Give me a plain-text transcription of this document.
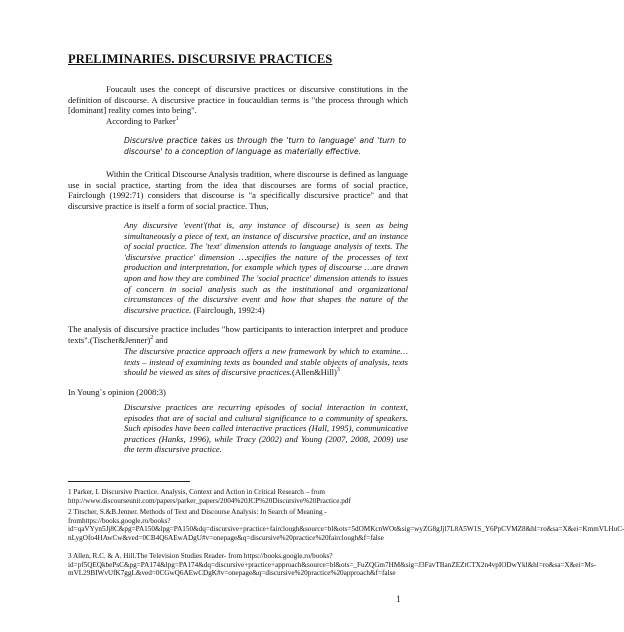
PRELIMINARIES. DISCURSIVE PRACTICES
Foucault uses the concept of discursive practices or discursive constitutions in the definition of discourse. A discursive practice in foucauldian terms is "the process through which [dominant] reality comes into being".
According to Parker$^1$
Discursive practice takes us through the 'turn to language' and 'turn to discourse' to a conception of language as materially effective.
Within the Critical Discourse Analysis tradition, where discourse is defined as language use in social practice, starting from the idea that discourses are forms of social practice, Fairclough (1992:71) considers that discourse is "a specifically discursive practice" and that discursive practice is itself a form of social practice. Thus,
Any discursive 'event'(that is, any instance of discourse) is seen as being simultaneously a piece of text, an instance of discursive practice, and an instance of social practice. The 'text' dimension attends to language analysis of texts. The 'discursive practice' dimension …specifies the nature of the processes of text production and interpretation, for example which types of discourse …are drawn upon and how they are combined The 'social practice' dimension attends to issues of concern in social analysis such as the institutional and organizational circumstances of the discursive event and how that shapes the nature of the discursive practice. (Fairclough, 1992:4)
The analysis of discursive practice includes "how participants to interaction interpret and produce texts".(Tischer&Jenner)$^2$ and
The discursive practice approach offers a new framework by which to examine…texts – instead of examining texts as bounded and stable objects of analysis, texts should be viewed as sites of discursive practices.(Allen&Hill)$^3$
In Young`s opinion (2008:3)
Discursive practices are recurring episodes of social interaction in context, episodes that are of social and cultural significance to a community of speakers. Such episodes have been called interactive practices (Hall, 1995), communicative practices (Hanks, 1996), while Tracy (2002) and Young (2007, 2008, 2009) use the term discursive practice.
1 Parker, I. Discursive Practice. Analysis, Context and Action in Critical Research – from http://www.discourseunit.com/papers/parker_papers/2004%20JCP%20Discursive%20Practice.pdf
2 Titscher, S.&B.Jenner. Methods of Text and Discourse Analysis: In Search of Meaning - fromhttps://books.google.ro/books?id=qaVYyn5Jj8C&pg=PA150&lpg=PA150&dq=discursive+practice+fairclough&source=bl&ots=5dOMKcnWOt&sig=wyZG8gJjl7L8A5W1S_Y6PpCVMZ8&hl=ro&sa=X&ei=KmmVLHuC-nLygOfo4HAwCw&ved=0CB4Q6AEwADgU#v=onepage&q=discursive%20practice%20fairclough&f=false
3 Allen, R.C. & A. Hill.The Television Studies Reader- from https://books.google.ro/books?id=pf5QEQkbePsC&pg=PA174&lpg=PA174&dq=discursive+practice+approach&source=bl&ots=_FuZQGm7HM&sig=J3FavTBanZEZtCTX2n4vpIODwYkl&hl=ro&sa=X&ei=Ms-mVL29BIWvUfK7ggL&ved=0CGwQ6AEwCDgK#v=onepage&q=discursive%20practice%20approach&f=false
1
